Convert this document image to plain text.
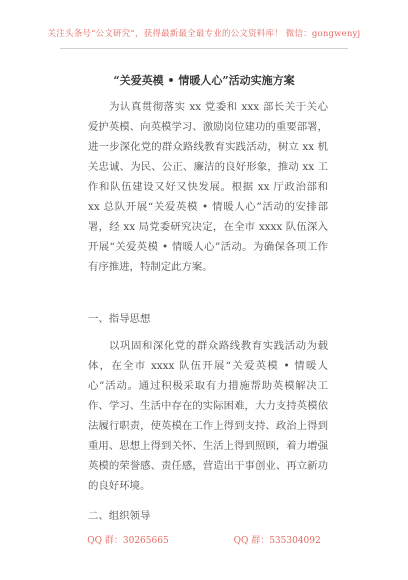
关注头条号“公文研究”，获得最新最全最专业的公文资料库！ 微信：gongwenyj
“关爱英模 • 情暖人心”活动实施方案

为认真贯彻落实 xx 党委和 xxx 部长关于关心爱护英模、向英模学习、激励岗位建功的重要部署，进一步深化党的群众路线教育实践活动，树立 xx 机关忠诚、为民、公正、廉洁的良好形象，推动 xx 工作和队伍建设又好又快发展。根据 xx 厅政治部和 xx 总队开展“关爱英模 • 情暖人心”活动的安排部署，经 xx 局党委研究决定，在全市 xxxx 队伍深入开展“关爱英模 • 情暖人心”活动。为确保各项工作有序推进，特制定此方案。

一、指导思想

以巩固和深化党的群众路线教育实践活动为载体，在全市 xxxx 队伍开展“关爱英模 • 情暖人心”活动。通过积极采取有力措施帮助英模解决工作、学习、生活中存在的实际困难，大力支持英模依法履行职责，使英模在工作上得到支持、政治上得到重用、思想上得到关怀、生活上得到照顾，着力增强英模的荣誉感、责任感，营造出干事创业、再立新功的良好环境。

二、组织领导

QQ 群：30265665	QQ 群：535304092
